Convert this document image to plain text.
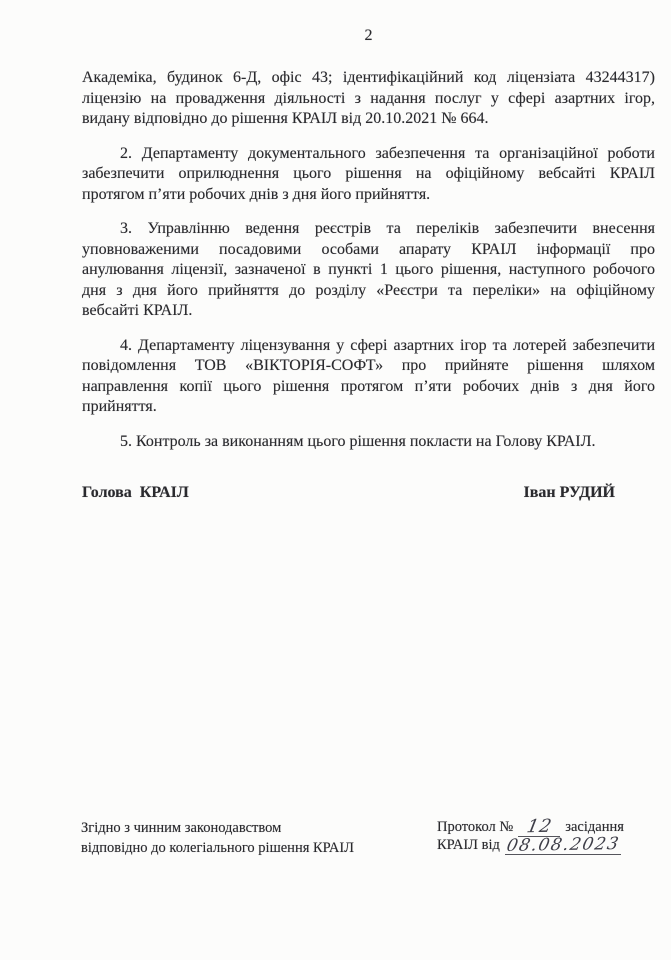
2

Академіка, будинок 6-Д, офіс 43; ідентифікаційний код ліцензіата 43244317)
ліцензію на провадження діяльності з надання послуг у сфері азартних ігор,
видану відповідно до рішення КРАІЛ від 20.10.2021 № 664.

2. Департаменту документального забезпечення та організаційної роботи
забезпечити оприлюднення цього рішення на офіційному вебсайті КРАІЛ
протягом п’яти робочих днів з дня його прийняття.

3. Управлінню ведення реєстрів та переліків забезпечити внесення
уповноваженими посадовими особами апарату КРАІЛ інформації про
анулювання ліцензії, зазначеної в пункті 1 цього рішення, наступного робочого
дня з дня його прийняття до розділу «Реєстри та переліки» на офіційному
вебсайті КРАІЛ.

4. Департаменту ліцензування у сфері азартних ігор та лотерей забезпечити
повідомлення ТОВ «ВІКТОРІЯ-СОФТ» про прийняте рішення шляхом
направлення копії цього рішення протягом п’яти робочих днів з дня його
прийняття.

5. Контроль за виконанням цього рішення покласти на Голову КРАІЛ.

Голова  КРАІЛ	Іван РУДИЙ
Згідно з чинним законодавством
відповідно до колегіального рішення КРАІЛ
Протокол № 12 засідання
КРАІЛ від 08.08.2023
